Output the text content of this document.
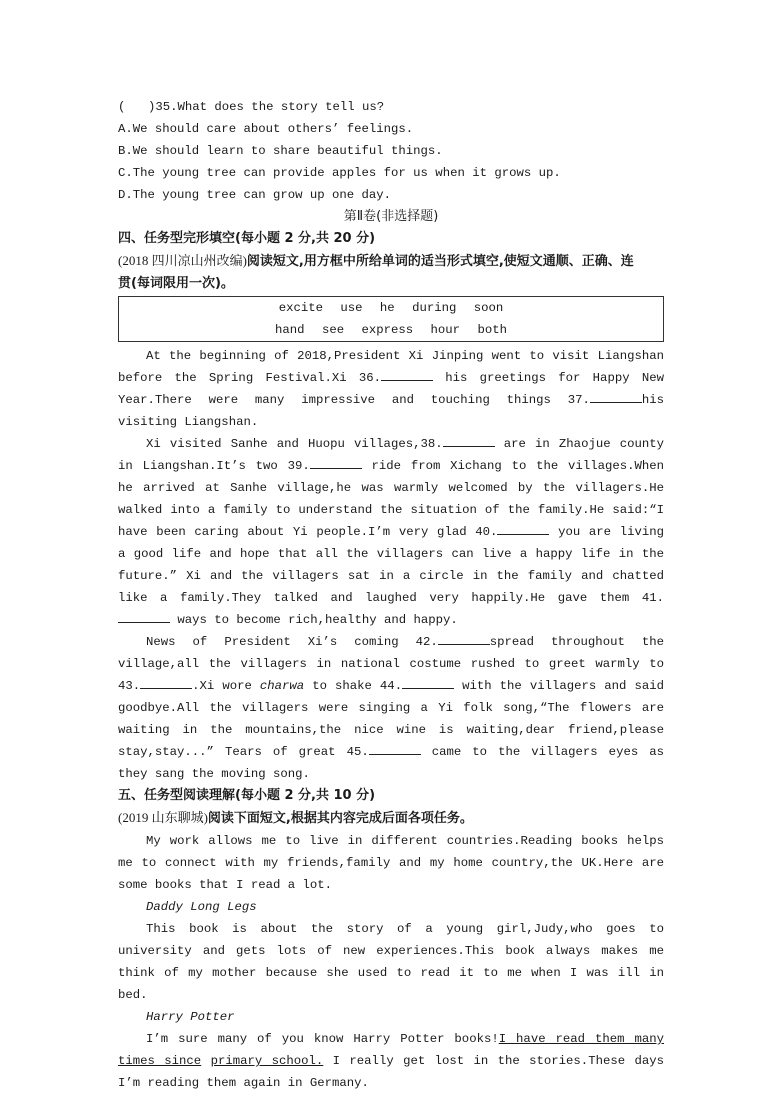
( )35.What does the story tell us?
A.We should care about others’ feelings.
B.We should learn to share beautiful things.
C.The young tree can provide apples for us when it grows up.
D.The young tree can grow up one day.
第Ⅱ卷(非选择题)
四、任务型完形填空(每小题 2 分,共 20 分)
(2018 四川凉山州改编)阅读短文,用方框中所给单词的适当形式填空,使短文通顺、正确、连
贯(每词限用一次)。
excite use he during soon
hand see express hour both
At the beginning of 2018,President Xi Jinping went to visit Liangshan before the Spring Festival.Xi 36.	his greetings for Happy New Year.There were many impressive and touching things 37.	his visiting Liangshan.
Xi visited Sanhe and Huopu villages,38.	are in Zhaojue county in Liangshan.It’s two 39.	ride from Xichang to the villages.When he arrived at Sanhe village,he was warmly welcomed by the villagers.He walked into a family to understand the situation of the family.He said:“I have been caring about Yi people.I’m very glad 40.	you are living a good life and hope that all the villagers can live a happy life in the future.” Xi and the villagers sat in a circle in the family and chatted like a family.They talked and laughed very happily.He gave them 41. ways to become rich,healthy and happy.
News of President Xi’s coming 42.	spread throughout the village,all the villagers in national costume rushed to greet warmly to 43.	.Xi wore charwa to shake 44.	with the villagers and said goodbye.All the villagers were singing a Yi folk song,“The flowers are waiting in the mountains,the nice wine is waiting,dear friend,please stay,stay...” Tears of great 45.	came to the villagers eyes as they sang the moving song.
五、任务型阅读理解(每小题 2 分,共 10 分)
(2019 山东聊城)阅读下面短文,根据其内容完成后面各项任务。
My work allows me to live in different countries.Reading books helps me to connect with my friends,family and my home country,the UK.Here are some books that I read a lot.
Daddy Long Legs
This book is about the story of a young girl,Judy,who goes to university and gets lots of new experiences.This book always makes me think of my mother because she used to read it to me when I was ill in bed.
Harry Potter
I’m sure many of you know Harry Potter books!I have read them many times since primary school. I really get lost in the stories.These days I’m reading them again in Germany.
